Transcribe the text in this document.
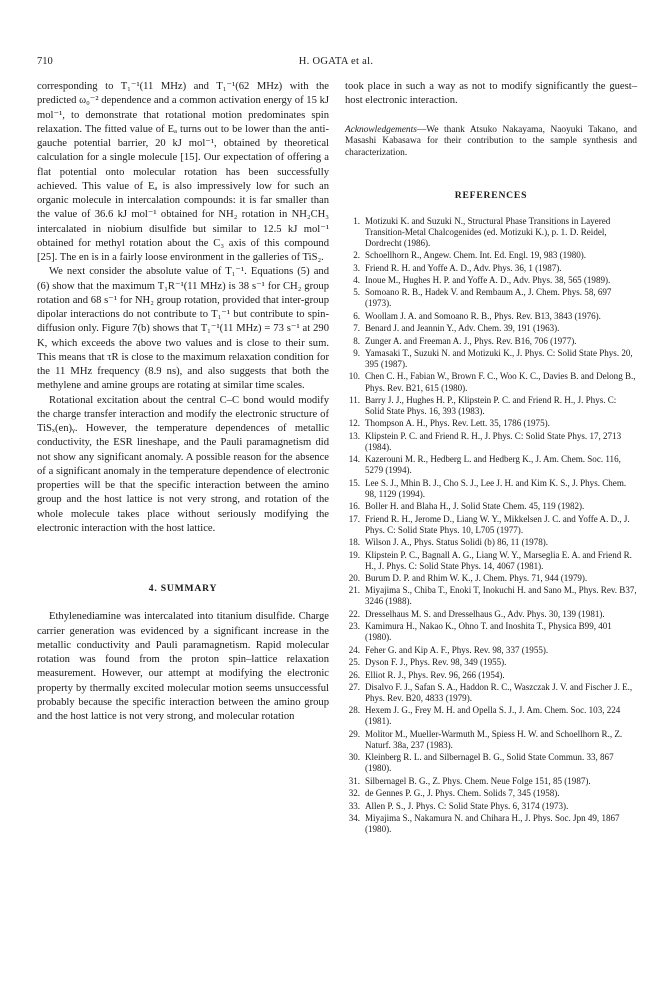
710	H. OGATA et al.

corresponding to T₁⁻¹(11 MHz) and T₁⁻¹(62 MHz) with the predicted ω₀⁻² dependence and a common activation energy of 15 kJ mol⁻¹, to demonstrate that rotational motion predominates spin relaxation. The fitted value of Eₐ turns out to be lower than the anti-gauche potential barrier, 20 kJ mol⁻¹, obtained by theoretical calculation for a single molecule [15]. Our expectation of offering a flat potential onto molecular rotation has been successfully achieved. This value of Eₐ is also impressively low for such an organic molecule in intercalation compounds: it is far smaller than the value of 36.6 kJ mol⁻¹ obtained for NH₂ rotation in NH₂CH₃ intercalated in niobium disulfide but similar to 12.5 kJ mol⁻¹ obtained for methyl rotation about the C₃ axis of this compound [25]. The en is in a fairly loose environment in the galleries of TiS₂.

We next consider the absolute value of T₁⁻¹. Equations (5) and (6) show that the maximum T₁R⁻¹(11 MHz) is 38 s⁻¹ for CH₂ group rotation and 68 s⁻¹ for NH₂ group rotation, provided that inter-group dipolar interactions do not contribute to T₁⁻¹ but contribute to spin-diffusion only. Figure 7(b) shows that T₁⁻¹(11 MHz) = 73 s⁻¹ at 290 K, which exceeds the above two values and is close to their sum. This means that τR is close to the maximum relaxation condition for the 11 MHz frequency (8.9 ns), and also suggests that both the methylene and amine groups are rotating at similar time scales.

Rotational excitation about the central C–C bond would modify the charge transfer interaction and modify the electronic structure of TiSₓ(en)ᵧ. However, the temperature dependences of metallic conductivity, the ESR lineshape, and the Pauli paramagnetism did not show any significant anomaly. A possible reason for the absence of a significant anomaly in the temperature dependence of electronic properties will be that the specific interaction between the amino group and the host lattice is not very strong, and rotation of the whole molecule takes place without seriously modifying the electronic interaction with the host lattice.

4. SUMMARY

Ethylenediamine was intercalated into titanium disulfide. Charge carrier generation was evidenced by a significant increase in the metallic conductivity and Pauli paramagnetism. Rapid molecular rotation was found from the proton spin–lattice relaxation measurement. However, our attempt at modifying the electronic property by thermally excited molecular motion seems unsuccessful probably because the specific interaction between the amino group and the host lattice is not very strong, and molecular rotation

took place in such a way as not to modify significantly the guest–host electronic interaction.

Acknowledgements—We thank Atsuko Nakayama, Naoyuki Takano, and Masashi Kabasawa for their contribution to the sample synthesis and characterization.

REFERENCES
1. Motizuki K. and Suzuki N., Structural Phase Transitions in Layered Transition-Metal Chalcogenides (ed. Motizuki K.), p. 1. D. Reidel, Dordrecht (1986).
2. Schoellhorn R., Angew. Chem. Int. Ed. Engl. 19, 983 (1980).
3. Friend R. H. and Yoffe A. D., Adv. Phys. 36, 1 (1987).
4. Inoue M., Hughes H. P. and Yoffe A. D., Adv. Phys. 38, 565 (1989).
5. Somoano R. B., Hadek V. and Rembaum A., J. Chem. Phys. 58, 697 (1973).
6. Woollam J. A. and Somoano R. B., Phys. Rev. B13, 3843 (1976).
7. Benard J. and Jeannin Y., Adv. Chem. 39, 191 (1963).
8. Zunger A. and Freeman A. J., Phys. Rev. B16, 706 (1977).
9. Yamasaki T., Suzuki N. and Motizuki K., J. Phys. C: Solid State Phys. 20, 395 (1987).
10. Chen C. H., Fabian W., Brown F. C., Woo K. C., Davies B. and Delong B., Phys. Rev. B21, 615 (1980).
11. Barry J. J., Hughes H. P., Klipstein P. C. and Friend R. H., J. Phys. C: Solid State Phys. 16, 393 (1983).
12. Thompson A. H., Phys. Rev. Lett. 35, 1786 (1975).
13. Klipstein P. C. and Friend R. H., J. Phys. C: Solid State Phys. 17, 2713 (1984).
14. Kazerouni M. R., Hedberg L. and Hedberg K., J. Am. Chem. Soc. 116, 5279 (1994).
15. Lee S. J., Mhin B. J., Cho S. J., Lee J. H. and Kim K. S., J. Phys. Chem. 98, 1129 (1994).
16. Boller H. and Blaha H., J. Solid State Chem. 45, 119 (1982).
17. Friend R. H., Jerome D., Liang W. Y., Mikkelsen J. C. and Yoffe A. D., J. Phys. C: Solid State Phys. 10, L705 (1977).
18. Wilson J. A., Phys. Status Solidi (b) 86, 11 (1978).
19. Klipstein P. C., Bagnall A. G., Liang W. Y., Marseglia E. A. and Friend R. H., J. Phys. C: Solid State Phys. 14, 4067 (1981).
20. Burum D. P. and Rhim W. K., J. Chem. Phys. 71, 944 (1979).
21. Miyajima S., Chiba T., Enoki T, Inokuchi H. and Sano M., Phys. Rev. B37, 3246 (1988).
22. Dresselhaus M. S. and Dresselhaus G., Adv. Phys. 30, 139 (1981).
23. Kamimura H., Nakao K., Ohno T. and Inoshita T., Physica B99, 401 (1980).
24. Feher G. and Kip A. F., Phys. Rev. 98, 337 (1955).
25. Dyson F. J., Phys. Rev. 98, 349 (1955).
26. Elliot R. J., Phys. Rev. 96, 266 (1954).
27. Disalvo F. J., Safan S. A., Haddon R. C., Waszczak J. V. and Fischer J. E., Phys. Rev. B20, 4833 (1979).
28. Hexem J. G., Frey M. H. and Opella S. J., J. Am. Chem. Soc. 103, 224 (1981).
29. Molitor M., Mueller-Warmuth M., Spiess H. W. and Schoellhorn R., Z. Naturf. 38a, 237 (1983).
30. Kleinberg R. L. and Silbernagel B. G., Solid State Commun. 33, 867 (1980).
31. Silbernagel B. G., Z. Phys. Chem. Neue Folge 151, 85 (1987).
32. de Gennes P. G., J. Phys. Chem. Solids 7, 345 (1958).
33. Allen P. S., J. Phys. C: Solid State Phys. 6, 3174 (1973).
34. Miyajima S., Nakamura N. and Chihara H., J. Phys. Soc. Jpn 49, 1867 (1980).
